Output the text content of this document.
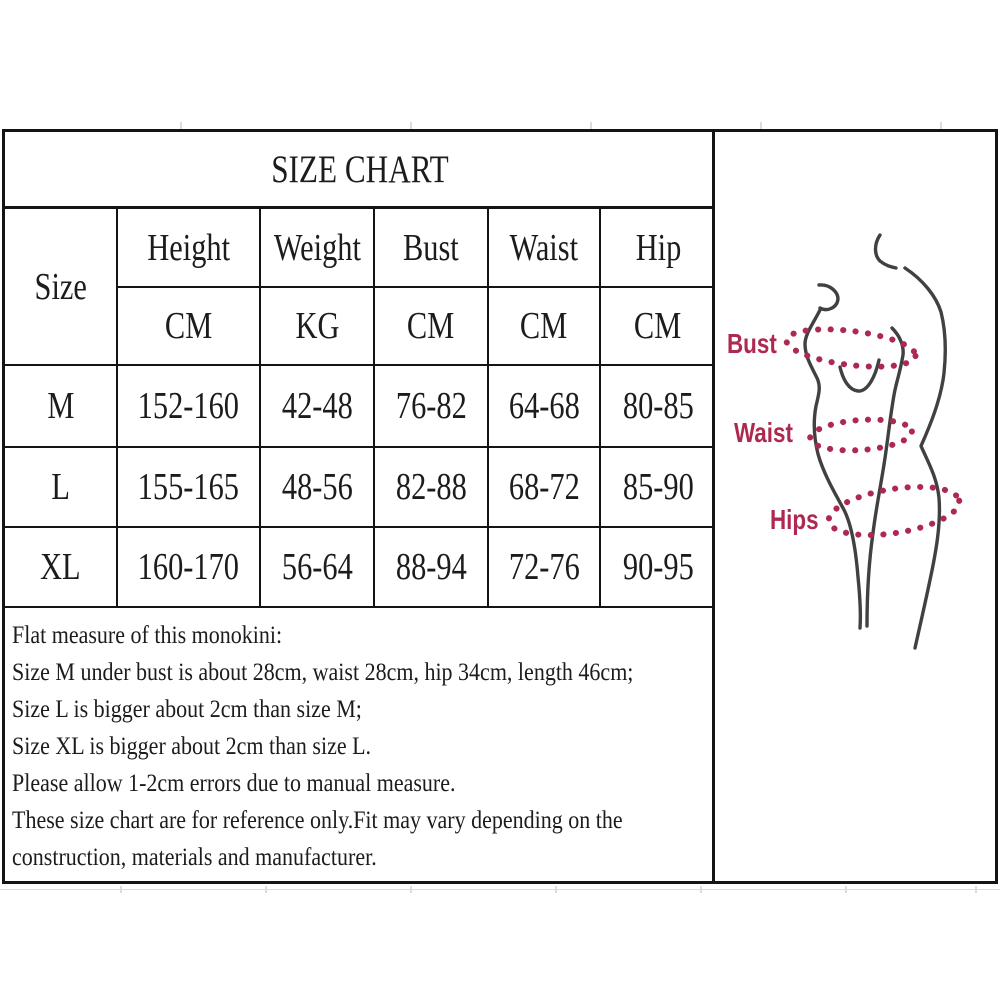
SIZE CHART
Size
Height Weight Bust Waist Hip
CM KG CM CM CM
M 152-160 42-48 76-82 64-68 80-85
L 155-165 48-56 82-88 68-72 85-90
XL 160-170 56-64 88-94 72-76 90-95
Flat measure of this monokini:
Size M under bust is about 28cm, waist 28cm, hip 34cm, length 46cm;
Size L is bigger about 2cm than size M;
Size XL is bigger about 2cm than size L.
Please allow 1-2cm errors due to manual measure.
These size chart are for reference only.Fit may vary depending on the
construction, materials and manufacturer.
Bust
Waist
Hips
